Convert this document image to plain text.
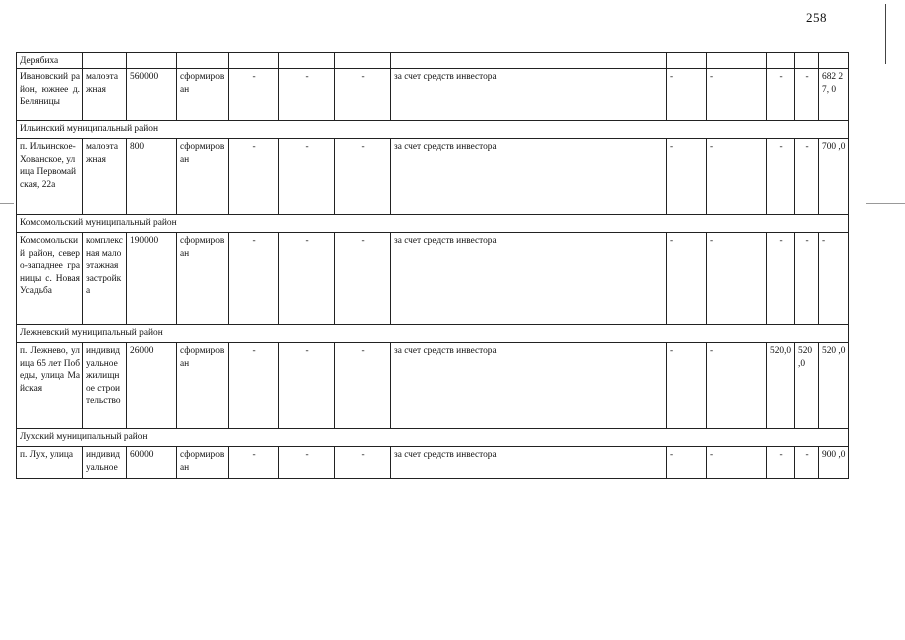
258
Дерябиха												
Ивановский район, южнее д. Беляницы	малоэтажная	560000	сформирован	-	-	-	за счет средств инвестора	-	-	-	-	682 27, 0
Ильинский муниципальный район												
п. Ильинское-Хованское, улица Первомайская, 22а	малоэтажная	800	сформирован	-	-	-	за счет средств инвестора	-	-	-	-	700 ,0
Комсомольский муниципальный район												
Комсомольский район, северо-западнее границы с. Новая Усадьба	комплексная малоэтажная застройка	190000	сформирован	-	-	-	за счет средств инвестора	-	-	-	-	-
Лежневский муниципальный район												
п. Лежнево, улица 65 лет Победы, улица Майская	индивидуальное жилищное строительство	26000	сформирован	-	-	-	за счет средств инвестора	-	-	520,0	520 ,0	520 ,0
Лухский муниципальный район												
п. Лух, улица	индивидуальное	60000	сформирован	-	-	-	за счет средств инвестора	-	-	-	-	900 ,0
